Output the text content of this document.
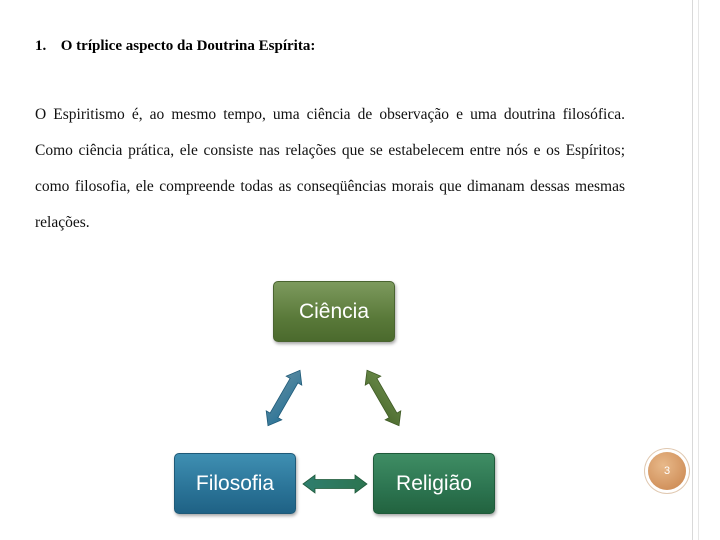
1. O tríplice aspecto da Doutrina Espírita:
O Espiritismo é, ao mesmo tempo, uma ciência de observação e uma doutrina filosófica. Como ciência prática, ele consiste nas relações que se estabelecem entre nós e os Espíritos; como filosofia, ele compreende todas as conseqüências morais que dimanam dessas mesmas relações.
Ciência
Filosofia	Religião
3
